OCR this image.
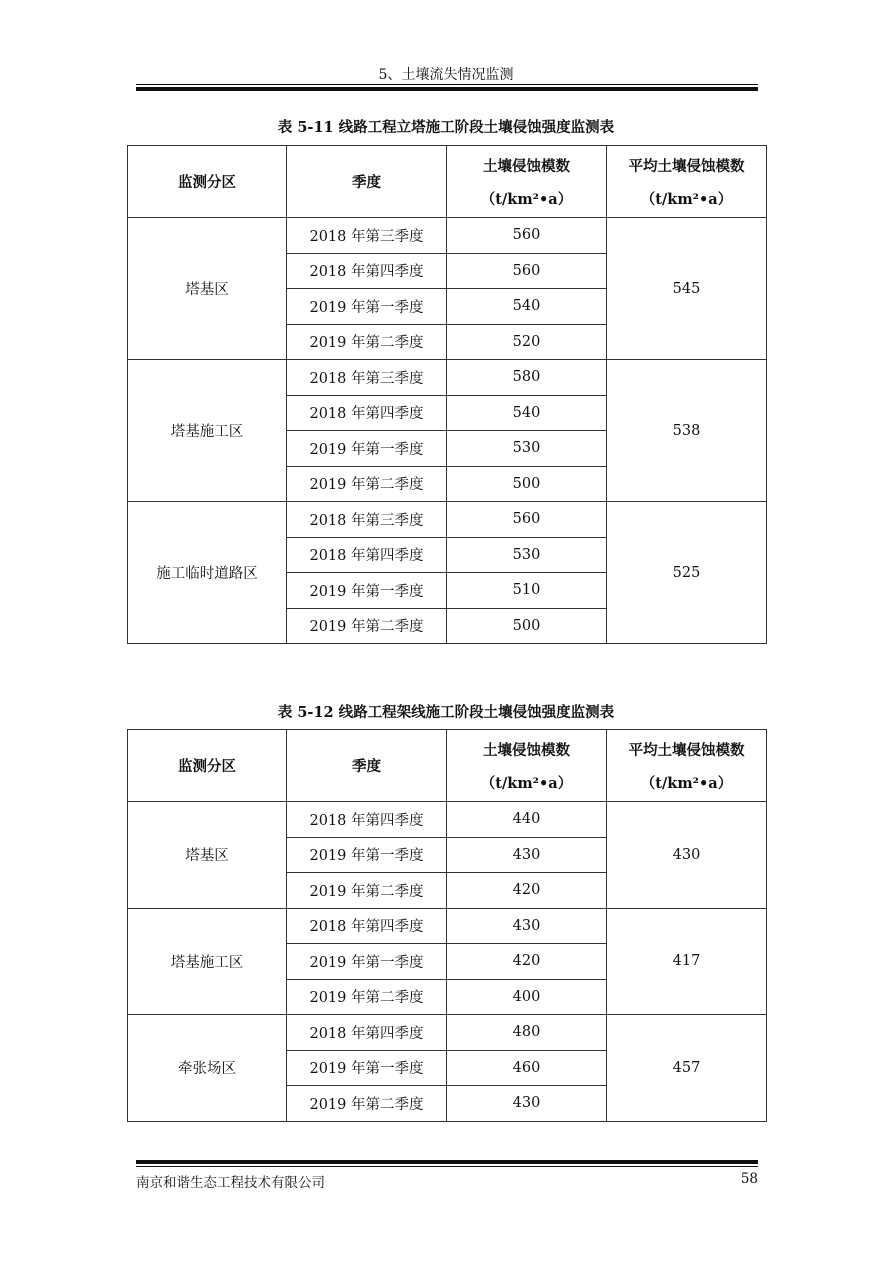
5、土壤流失情况监测
表 5-11 线路工程立塔施工阶段土壤侵蚀强度监测表
监测分区	季度	土壤侵蚀模数
（t/km²•a）	平均土壤侵蚀模数
（t/km²•a）

塔基区	2018 年第三季度	560	545
	2018 年第四季度	560	
	2019 年第一季度	540	
	2019 年第二季度	520	
塔基施工区	2018 年第三季度	580	538
	2018 年第四季度	540	
	2019 年第一季度	530	
	2019 年第二季度	500	
施工临时道路区	2018 年第三季度	560	525
	2018 年第四季度	530	
	2019 年第一季度	510	
	2019 年第二季度	500	
表 5-12 线路工程架线施工阶段土壤侵蚀强度监测表
监测分区	季度	土壤侵蚀模数
（t/km²•a）	平均土壤侵蚀模数
（t/km²•a）

塔基区	2018 年第四季度	440	430
	2019 年第一季度	430	
	2019 年第二季度	420	
塔基施工区	2018 年第四季度	430	417
	2019 年第一季度	420	
	2019 年第二季度	400	
牵张场区	2018 年第四季度	480	457
	2019 年第一季度	460	
	2019 年第二季度	430	
南京和谐生态工程技术有限公司	58
